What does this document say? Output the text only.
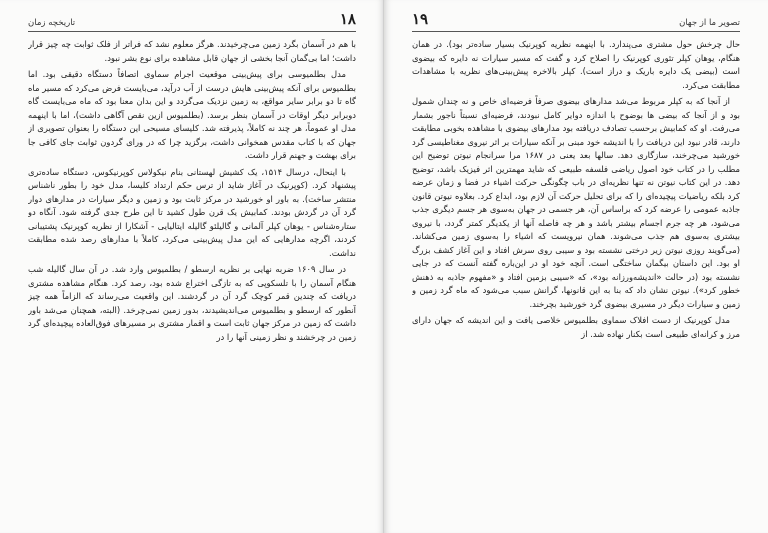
۱۸
تاریخچه زمان

با هم در آسمان بگرد زمین می‌چرخیدند. هرگز معلوم نشد که فراتر از فلک ثوابت چه چیز قرار داشت؛ اما بی‌گمان آنجا بخشی از جهان قابل مشاهده برای نوع بشر نبود.

مدل بطلمیوسی برای پیش‌بینی موقعیت اجرام سماوی اتصافاً دستگاه دقیقی بود. اما بطلمیوس برای آنکه پیش‌بینی هایش درست از آب درآید، می‌بایست فرض می‌کرد که مسیر ماه گاه تا دو برابر سایر مواقع، به زمین نزدیک می‌گردد و این بدان معنا بود که ماه می‌بایست گاه دوبرابر دیگر اوقات در آسمان بنظر برسد. (بطلمیوس ازین نقص آگاهی داشت)، اما با اینهمه مدل او عموماً، هر چند نه کاملاً، پذیرفته شد. کلیسای مسیحی این دستگاه را بعنوان تصویری از جهان که با کتاب مقدس همخوانی داشت، برگزید چرا که در ورای گردون ثوابت جای کافی جا برای بهشت و جهنم قرار داشت.

با اینحال، درسال ۱۵۱۴، یک کشیش لهستانی بنام نیکولاس کوپرنیکوس، دستگاه ساده‌تری پیشنهاد کرد. (کوپرنیک در آغاز شاید از ترس حکم ارتداد کلیسا، مدل خود را بطور ناشناس منتشر ساخت). به باور او خورشید در مرکز ثابت بود و زمین و دیگر سیارات در مدارهای دوار گرد آن در گردش بودند. کمابیش یک قرن طول کشید تا این طرح جدی گرفته شود. آنگاه دو ستاره‌شناس - یوهان کپلر آلمانی و گالیلئو گالیله ایتالیایی - آشکارا از نظریه کوپرنیک پشتیبانی کردند، اگرچه مدارهایی که این مدل پیش‌بینی می‌کرد، کاملاً با مدارهای رصد شده مطابقت نداشت.

در سال ۱۶۰۹ ضربه نهایی بر نظریه ارسطو / بطلمیوس وارد شد. در آن سال گالیله شب هنگام آسمان را با تلسکوپی که به تازگی اختراع شده بود، رصد کرد. هنگام مشاهده مشتری دریافت که چندین قمر کوچک گرد آن در گردشند. این واقعیت می‌رساند که الزاماً همه چیز آنطور که ارسطو و بطلمیوس می‌اندیشیدند، بدور زمین نمی‌چرخد. (البته، همچنان می‌شد باور داشت که زمین در مرکز جهان ثابت است و اقمار مشتری بر مسیرهای فوق‌العاده پیچیده‌ای گرد زمین در چرخشند و نظر زمینی آنها را در

تصویر ما از جهان
۱۹

حال چرخش حول مشتری می‌پندارد. با اینهمه نظریه کوپرنیک بسیار ساده‌تر بود). در همان هنگام، یوهان کپلر تئوری کوپرنیک را اصلاح کرد و گفت که مسیر سیارات نه دایره که بیضوی است (بیضی یک دایره باریک و دراز است). کپلر بالاخره پیش‌بینی‌های نظریه با مشاهدات مطابقت می‌کرد.

از آنجا که به کپلر مربوط می‌شد مدارهای بیضوی صرفاً فرضیه‌ای خاص و نه چندان شمول بود و از آنجا که بیضی ها بوضوح با اندازه دوایر کامل نبودند، فرضیه‌ای نسبتاً ناجور بشمار می‌رفت. او که کمابیش برحسب تصادف دریافته بود مدارهای بیضوی با مشاهده بخوبی مطابقت دارند، قادر نبود این دریافت را با اندیشه خود مبنی بر آنکه سیارات بر اثر نیروی مغناطیسی گرد خورشید می‌چرخند، سازگاری دهد. سالها بعد یعنی در ۱۶۸۷ مرا سرانجام نیوتن توضیح این مطلب را در کتاب خود اصول ریاضی فلسفه طبیعی که شاید مهمترین اثر فیزیک باشد، توضیح دهد. در این کتاب نیوتن نه تنها نظریه‌ای در باب چگونگی حرکت اشیاء در فضا و زمان عرضه کرد بلکه ریاضیات پیچیده‌ای را که برای تحلیل حرکت آن لازم بود، ابداع کرد. بعلاوه نیوتن قانون جاذبه عمومی را عرضه کرد که براساس آن، هر جسمی در جهان به‌سوی هر جسم دیگری جذب می‌شود، هر چه جرم اجسام بیشتر باشد و هر چه فاصله آنها از یکدیگر کمتر گردد، با نیروی بیشتری به‌سوی هم جذب می‌شوند. همان نیرویست که اشیاء را به‌سوی زمین می‌کشاند. (می‌گویند روزی نیوتن زیر درختی نشسته بود و سیبی روی سرش افتاد و این آغاز کشف بزرگ او بود. این داستان بیگمان ساختگی است. آنچه خود او در این‌باره گفته آنست که در جایی نشسته بود (در حالت «اندیشه‌ورزانه بود»، که «سیبی بزمین افتاد و «مفهوم جاذبه به ذهنش خطور کرد»). نیوتن نشان داد که بنا به این قانونها، گرانش سبب می‌شود که ماه گرد زمین و زمین و سیارات دیگر در مسیری بیضوی گرد خورشید بچرخند.

مدل کوپرنیک از دست افلاک سماوی بطلمیوس خلاصی یافت و این اندیشه که جهان دارای مرز و کرانه‌ای طبیعی است بکنار نهاده شد. از
